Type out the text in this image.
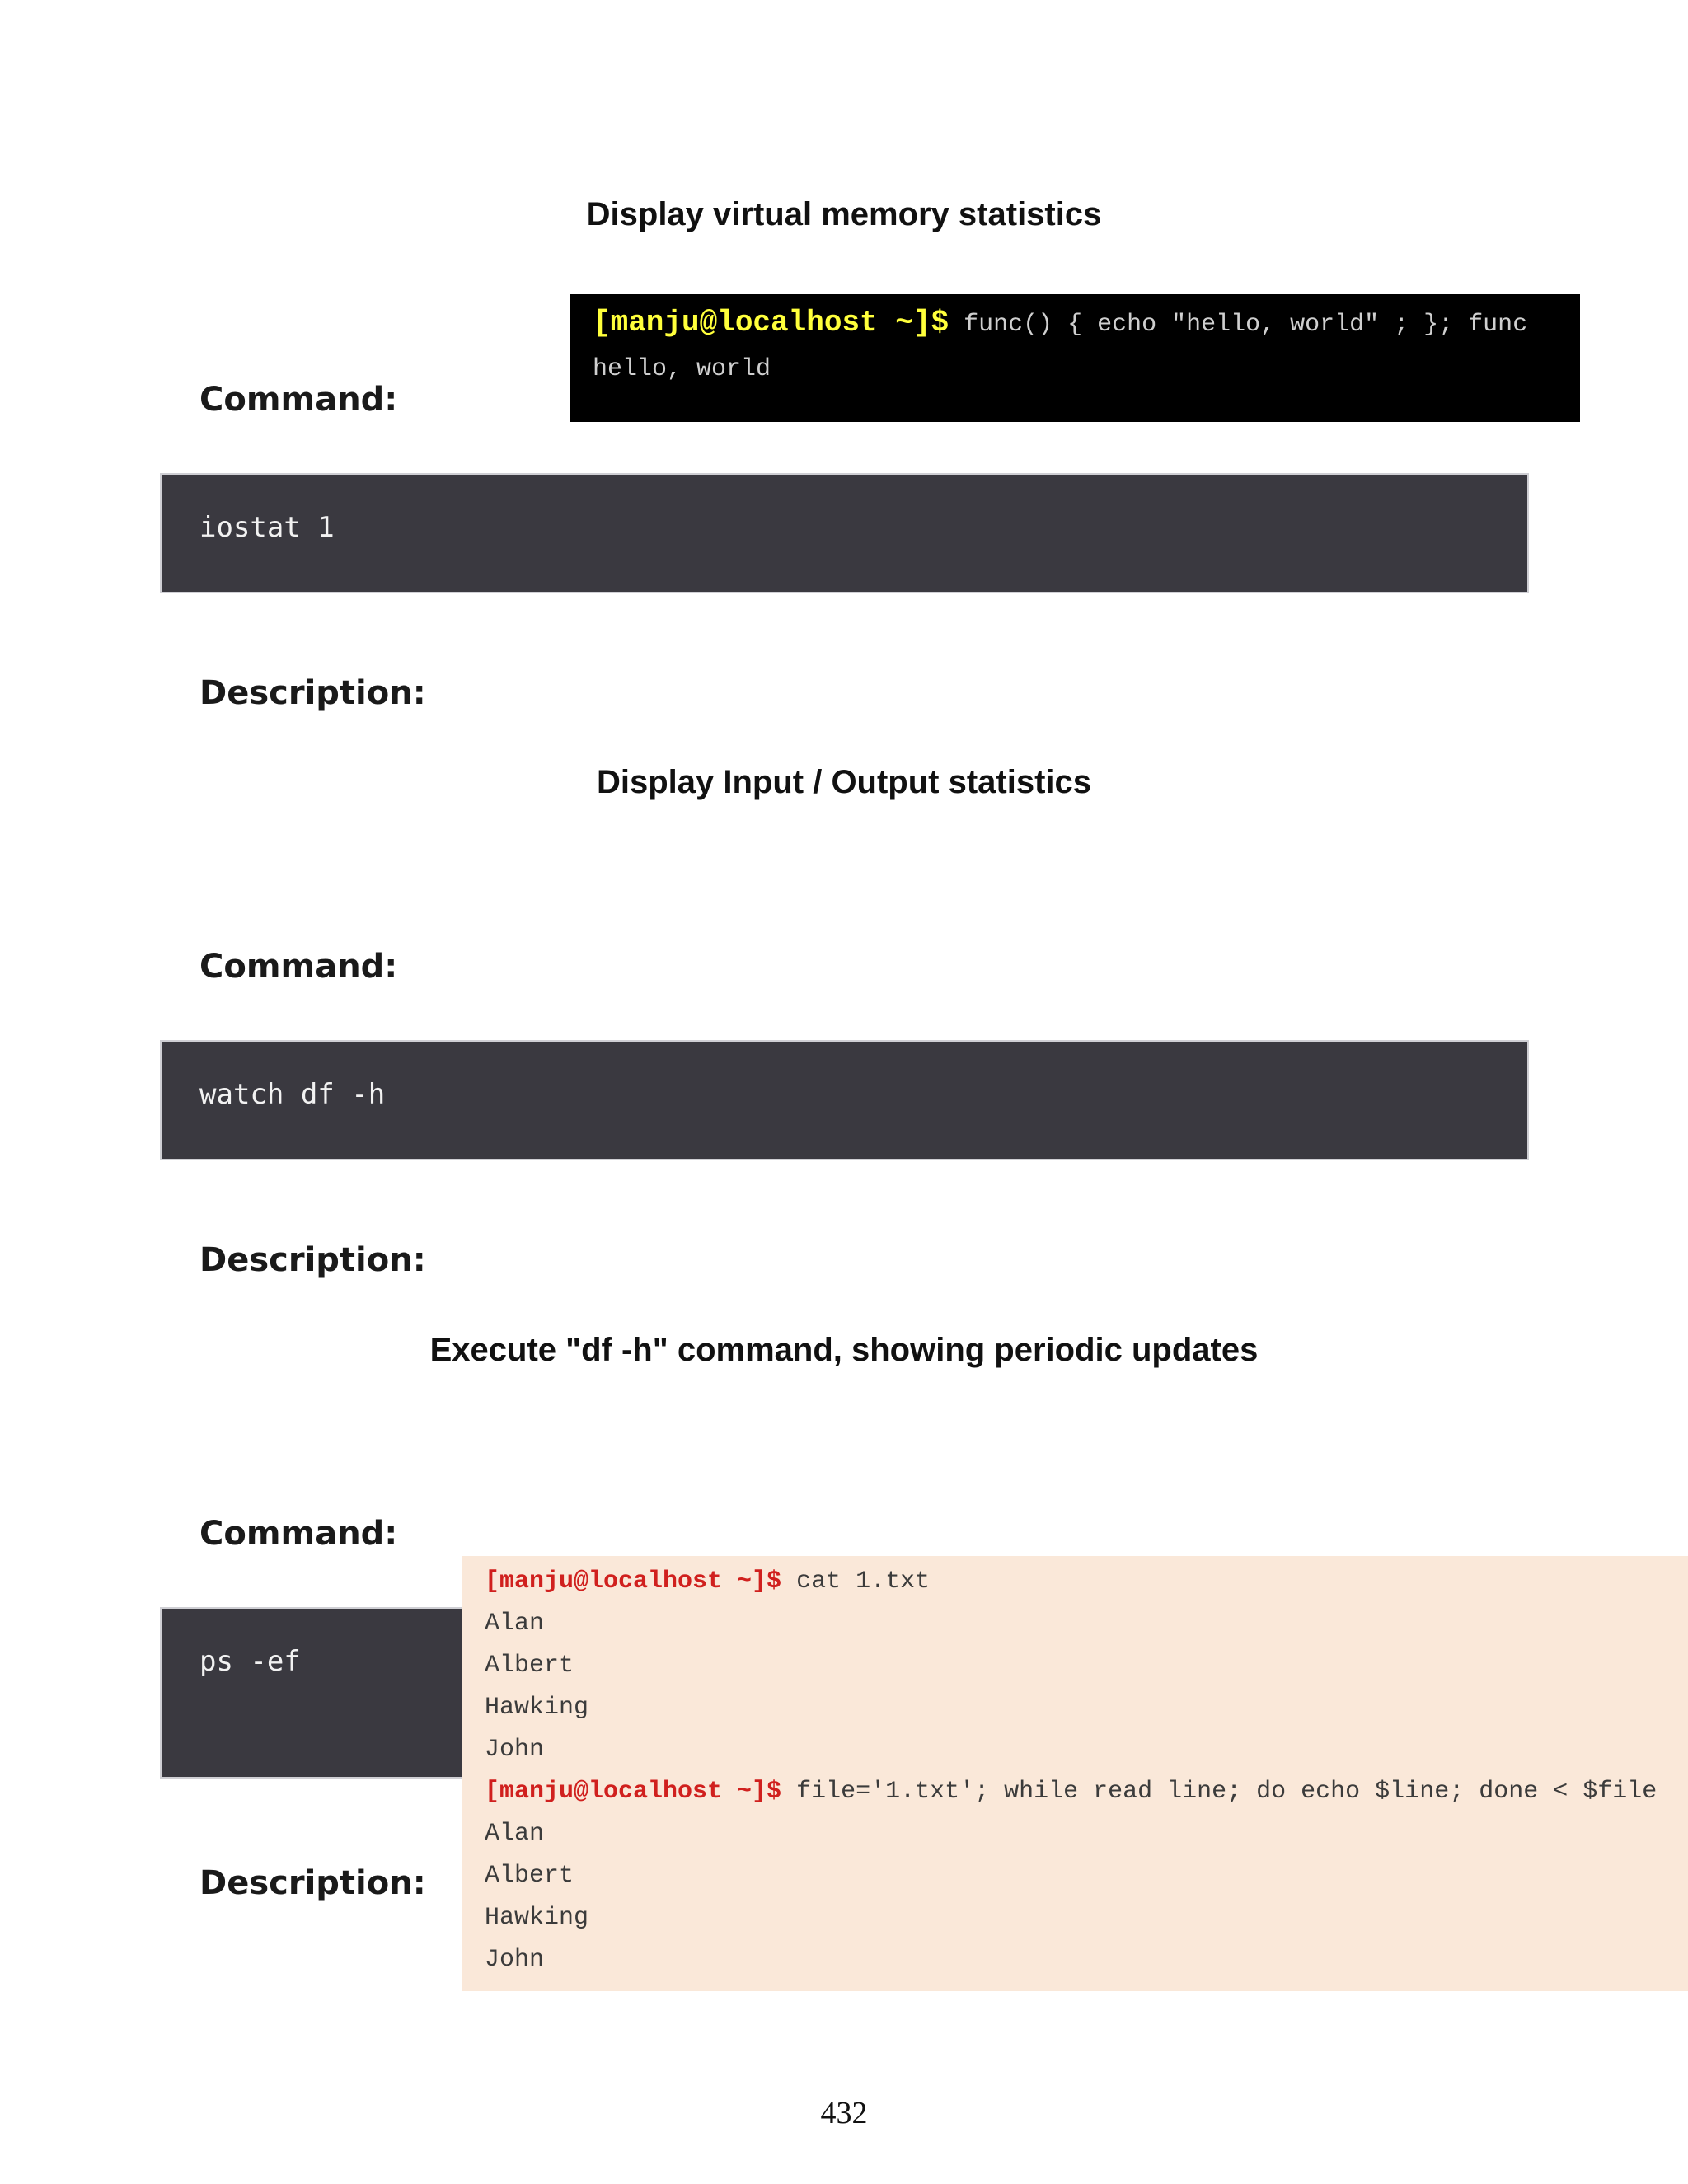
Display virtual memory statistics
[manju@localhost ~]$ func() { echo "hello, world" ; }; func
hello, world
Command:
iostat 1
Description:
Display Input / Output statistics
Command:
watch df -h
Description:
Execute "df -h" command, showing periodic updates
Command:
ps -ef
Description:
[manju@localhost ~]$ cat 1.txt
Alan
Albert
Hawking
John
[manju@localhost ~]$ file='1.txt'; while read line; do echo $line; done < $file
Alan
Albert
Hawking
John
432
